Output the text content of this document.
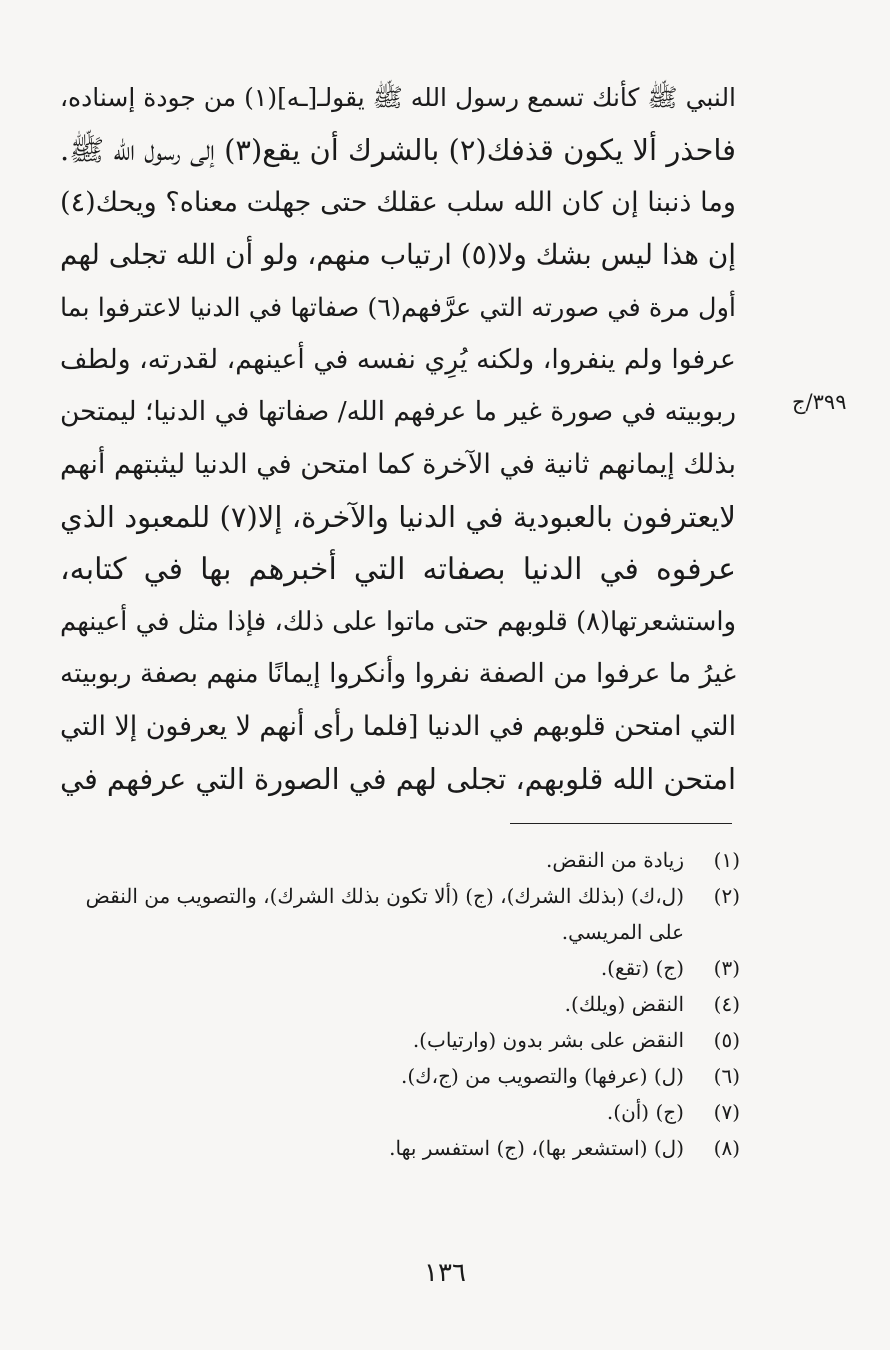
النبي ﷺ كأنك تسمع رسول الله ﷺ يقولـ[ـه](١) من جودة إسناده،
فاحذر ألا يكون قذفك(٢) بالشرك أن يقع(٣) إلى رسول الله ﷺ.
وما ذنبنا إن كان الله سلب عقلك حتى جهلت معناه؟ ويحك(٤)
إن هذا ليس بشك ولا(٥) ارتياب منهم، ولو أن الله تجلى لهم
أول مرة في صورته التي عرَّفهم(٦) صفاتها في الدنيا لاعترفوا بما
عرفوا ولم ينفروا، ولكنه يُرِي نفسه في أعينهم، لقدرته، ولطف
ربوبيته في صورة غير ما عرفهم الله/ صفاتها في الدنيا؛ ليمتحن
بذلك إيمانهم ثانية في الآخرة كما امتحن في الدنيا ليثبتهم أنهم
لايعترفون بالعبودية في الدنيا والآخرة، إلا(٧) للمعبود الذي
عرفوه في الدنيا بصفاته التي أخبرهم بها في كتابه،
واستشعرتها(٨) قلوبهم حتى ماتوا على ذلك، فإذا مثل في أعينهم
غيرُ ما عرفوا من الصفة نفروا وأنكروا إيمانًا منهم بصفة ربوبيته
التي امتحن قلوبهم في الدنيا [فلما رأى أنهم لا يعرفون إلا التي
امتحن الله قلوبهم، تجلى لهم في الصورة التي عرفهم في
٣٩٩/ج
(١)
زيادة من النقض.
(٢)
(ل،ك) (بذلك الشرك)، (ج) (ألا تكون بذلك الشرك)، والتصويب من النقض
على المريسي.
(٣)
(ج) (تقع).
(٤)
النقض (ويلك).
(٥)
النقض على بشر بدون (وارتياب).
(٦)
(ل) (عرفها) والتصويب من (ج،ك).
(٧)
(ج) (أن).
(٨)
(ل) (استشعر بها)، (ج) استفسر بها.
١٣٦
